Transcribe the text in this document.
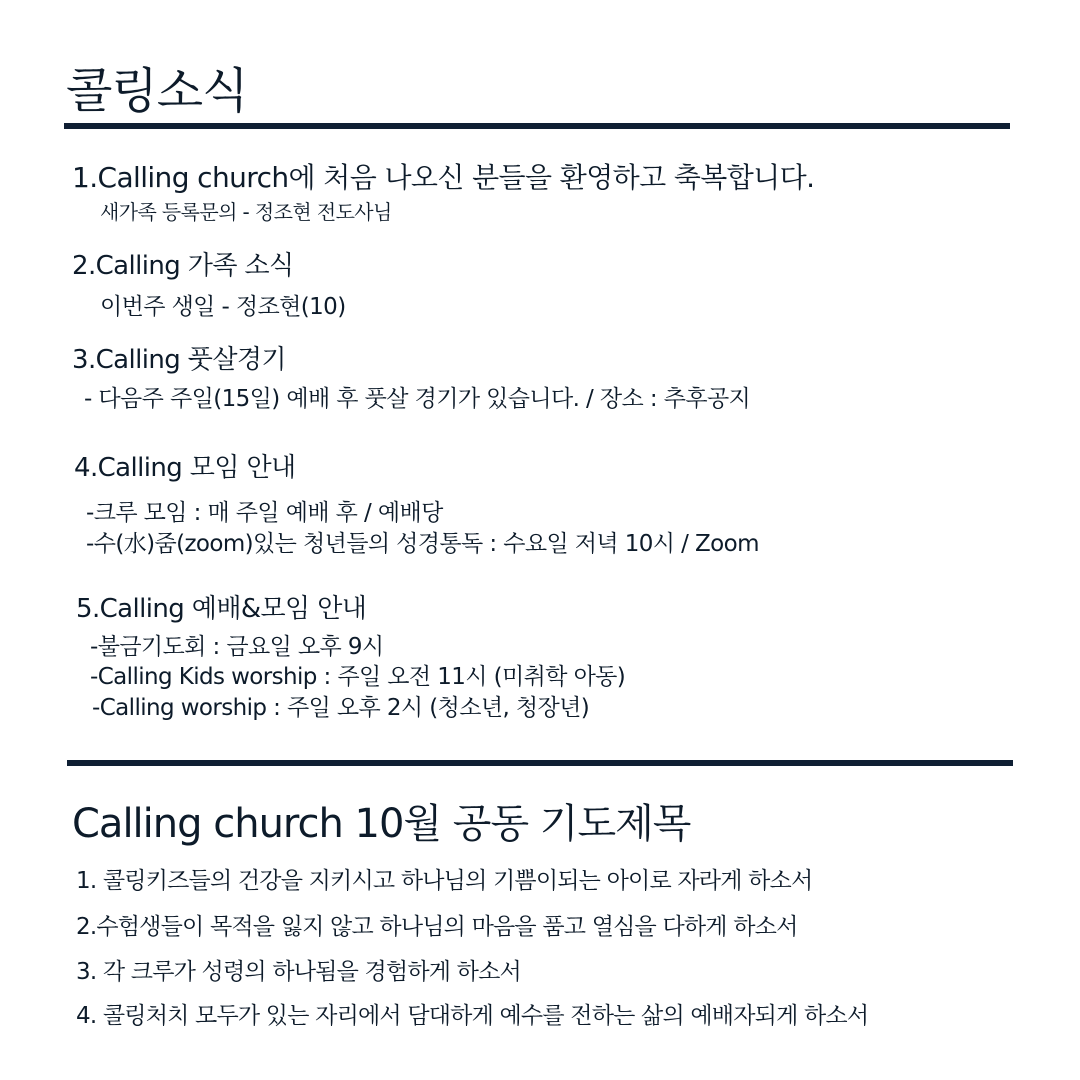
콜링소식
1.Calling church에 처음 나오신 분들을 환영하고 축복합니다.
새가족 등록문의 - 정조현 전도사님
2.Calling 가족 소식
이번주 생일 - 정조현(10)
3.Calling 풋살경기
- 다음주 주일(15일) 예배 후 풋살 경기가 있습니다. / 장소 : 추후공지
4.Calling 모임 안내
-크루 모임 : 매 주일 예배 후 / 예배당
-수(水)줌(zoom)있는 청년들의 성경통독 : 수요일 저녁 10시 / Zoom
5.Calling 예배&모임 안내
-불금기도회 : 금요일 오후 9시
-Calling Kids worship : 주일 오전 11시 (미취학 아동)
-Calling worship : 주일 오후 2시 (청소년, 청장년)
Calling church 10월 공동 기도제목
1. 콜링키즈들의 건강을 지키시고 하나님의 기쁨이되는 아이로 자라게 하소서
2.수험생들이 목적을 잃지 않고 하나님의 마음을 품고 열심을 다하게 하소서
3. 각 크루가 성령의 하나됨을 경험하게 하소서
4. 콜링처치 모두가 있는 자리에서 담대하게 예수를 전하는 삶의 예배자되게 하소서
